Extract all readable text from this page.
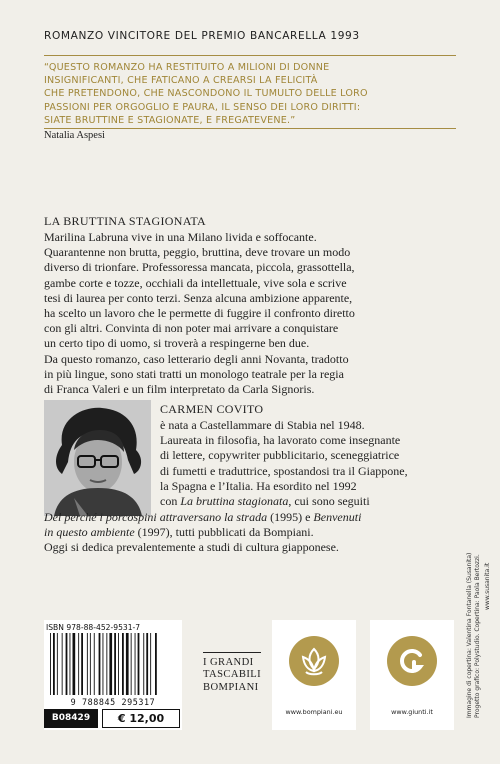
ROMANZO VINCITORE DEL PREMIO BANCARELLA 1993
“QUESTO ROMANZO HA RESTITUITO A MILIONI DI DONNE
INSIGNIFICANTI, CHE FATICANO A CREARSI LA FELICITÀ
CHE PRETENDONO, CHE NASCONDONO IL TUMULTO DELLE LORO
PASSIONI PER ORGOGLIO E PAURA, IL SENSO DEI LORO DIRITTI:
SIATE BRUTTINE E STAGIONATE, E FREGATEVENE.”
Natalia Aspesi
LA BRUTTINA STAGIONATA
Marilina Labruna vive in una Milano livida e soffocante.
Quarantenne non brutta, peggio, bruttina, deve trovare un modo
diverso di trionfare. Professoressa mancata, piccola, grassottella,
gambe corte e tozze, occhiali da intellettuale, vive sola e scrive
tesi di laurea per conto terzi. Senza alcuna ambizione apparente,
ha scelto un lavoro che le permette di fuggire il confronto diretto
con gli altri. Convinta di non poter mai arrivare a conquistare
un certo tipo di uomo, si troverà a respingerne ben due.
Da questo romanzo, caso letterario degli anni Novanta, tradotto
in più lingue, sono stati tratti un monologo teatrale per la regia
di Franca Valeri e un film interpretato da Carla Signoris.
CARMEN COVITO
è nata a Castellammare di Stabia nel 1948.
Laureata in filosofia, ha lavorato come insegnante
di lettere, copywriter pubblicitario, sceneggiatrice
di fumetti e traduttrice, spostandosi tra il Giappone,
la Spagna e l’Italia. Ha esordito nel 1992
con La bruttina stagionata, cui sono seguiti
Del perché i porcospini attraversano la strada (1995) e Benvenuti
in questo ambiente (1997), tutti pubblicati da Bompiani.
Oggi si dedica prevalentemente a studi di cultura giapponese.
Immagine di copertina: Valentina Fontanella (Susanita) Progetto grafico: Polystudio. Copertina: Paola Bertozzi. www.susanita.it
ISBN 978-88-452-9531-7
9 788845 295317
B08429	€ 12,00
I GRANDI
TASCABILI
BOMPIANI
www.bompiani.eu	www.giunti.it
